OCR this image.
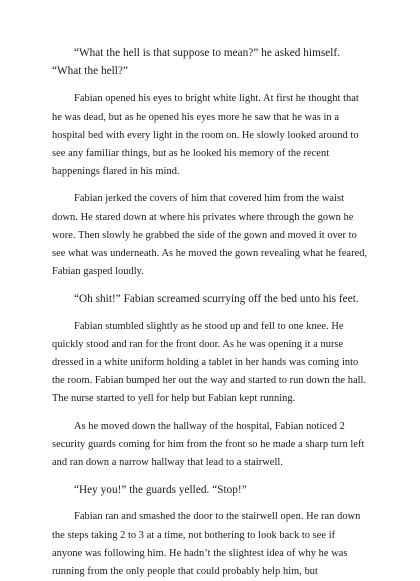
“What the hell is that suppose to mean?” he asked himself. “What the hell?”

Fabian opened his eyes to bright white light. At first he thought that he was dead, but as he opened his eyes more he saw that he was in a hospital bed with every light in the room on. He slowly looked around to see any familiar things, but as he looked his memory of the recent happenings flared in his mind.

Fabian jerked the covers of him that covered him from the waist down. He stared down at where his privates where through the gown he wore. Then slowly he grabbed the side of the gown and moved it over to see what was underneath. As he moved the gown revealing what he feared, Fabian gasped loudly.

“Oh shit!” Fabian screamed scurrying off the bed unto his feet.

Fabian stumbled slightly as he stood up and fell to one knee. He quickly stood and ran for the front door. As he was opening it a nurse dressed in a white uniform holding a tablet in her hands was coming into the room. Fabian bumped her out the way and started to run down the hall. The nurse started to yell for help but Fabian kept running.

As he moved down the hallway of the hospital, Fabian noticed 2 security guards coming for him from the front so he made a sharp turn left and ran down a narrow hallway that lead to a stairwell.

“Hey you!” the guards yelled. “Stop!”

Fabian ran and smashed the door to the stairwell open. He ran down the steps taking 2 to 3 at a time, not bothering to look back to see if anyone was following him. He hadn’t the slightest idea of why he was running from the only people that could probably help him, but
